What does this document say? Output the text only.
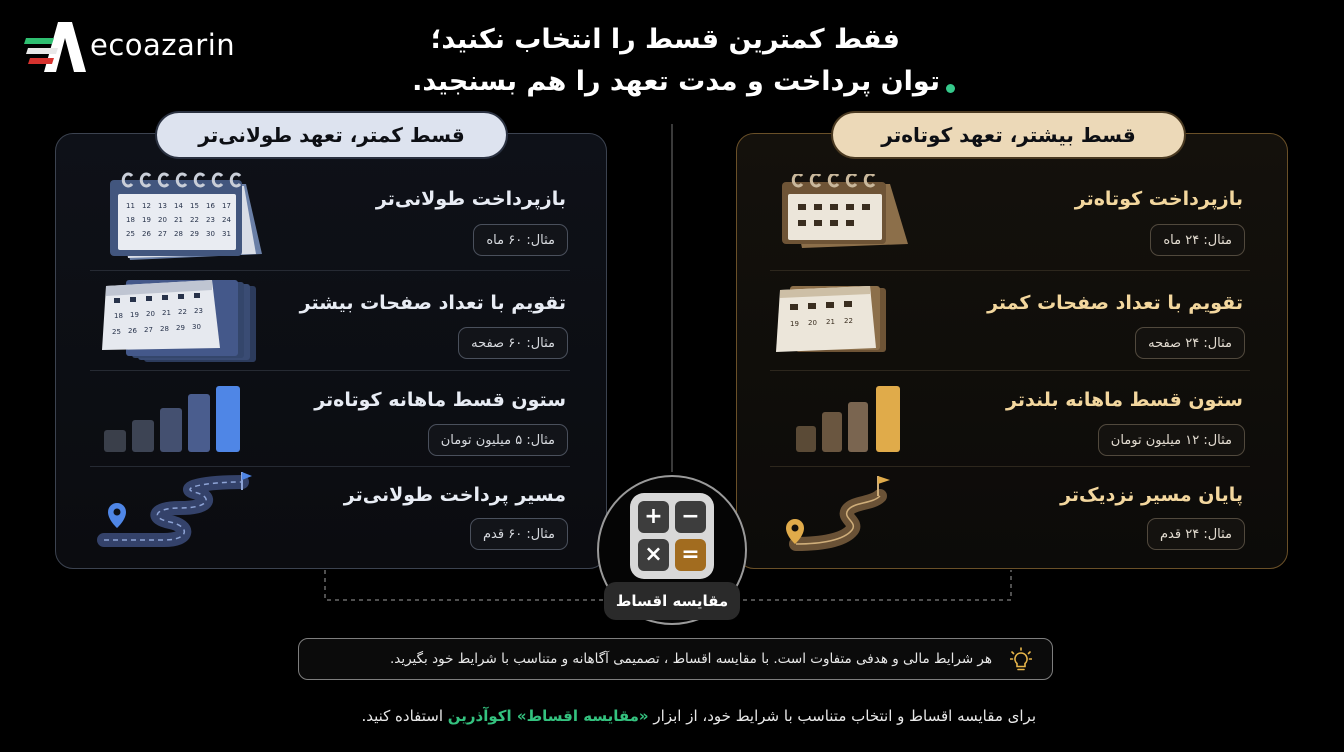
ecoazarin	فقط کمترین قسط را انتخاب نکنید؛
توان پرداخت و مدت تعهد را هم بسنجید.
قسط کمتر، تعهد طولانی‌تر
11 12 13 14 15 16 17
18 19 20 21 22 23 24
25 26 27 28 29 30 31
بازپرداخت طولانی‌تر
مثال: ۶۰ ماه
18 19 20 21 22 23
25 26 27 28 29 30
تقویم با تعداد صفحات بیشتر
مثال: ۶۰ صفحه
ستون قسط ماهانه کوتاه‌تر
مثال: ۵ میلیون تومان
مسیر پرداخت طولانی‌تر
مثال: ۶۰ قدم
قسط بیشتر، تعهد کوتاه‌تر
بازپرداخت کوتاه‌تر
مثال: ۲۴ ماه
19 20 21 22
تقویم با تعداد صفحات کمتر
مثال: ۲۴ صفحه
ستون قسط ماهانه بلندتر
مثال: ۱۲ میلیون تومان
پایان مسیر نزدیک‌تر
مثال: ۲۴ قدم
+ −
× =
مقایسه اقساط
هر شرایط مالی و هدفی متفاوت است. با مقایسه اقساط ، تصمیمی آگاهانه و متناسب با شرایط خود بگیرید.
برای مقایسه اقساط و انتخاب متناسب با شرایط خود، از ابزار «مقایسه اقساط» اکوآذرین استفاده کنید.
